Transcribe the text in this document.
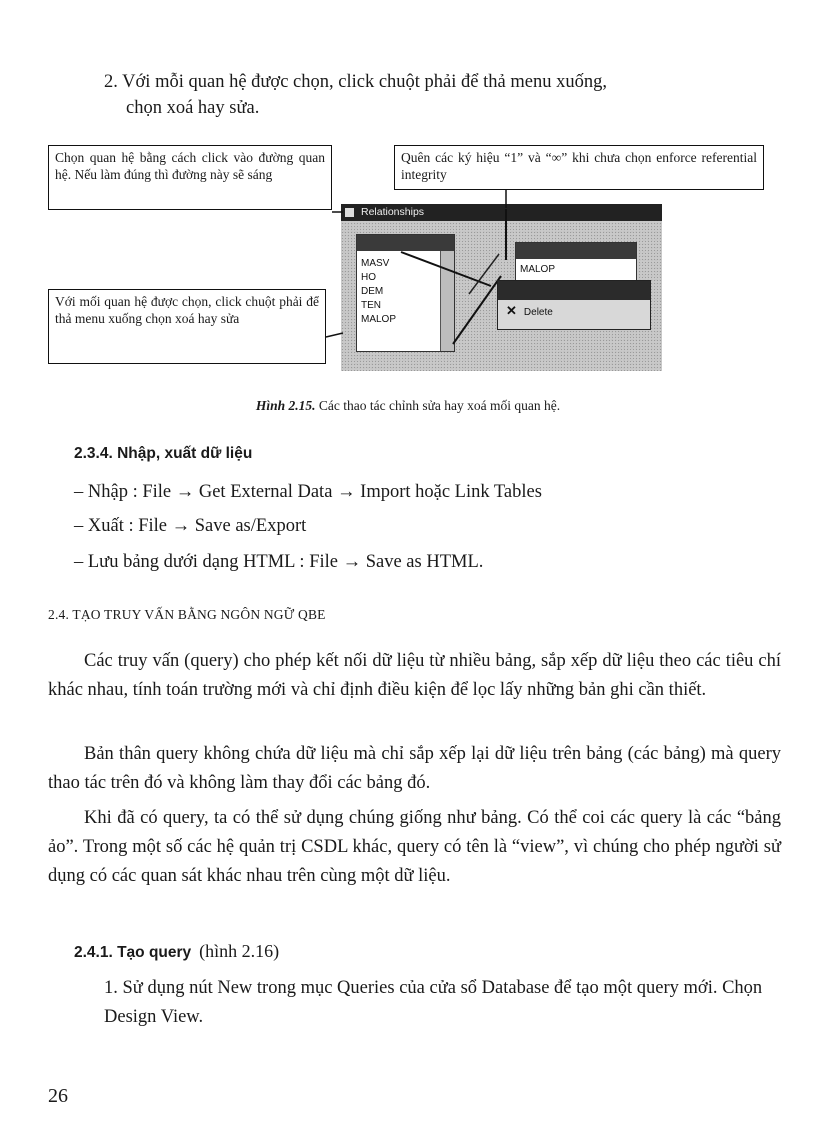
2. Với mỗi quan hệ được chọn, click chuột phải để thả menu xuống,
chọn xoá hay sửa.
Chọn quan hệ bằng cách click vào đường quan hệ. Nếu làm đúng thì đường này sẽ sáng
Quên các ký hiệu “1” và “∞” khi chưa chọn enforce referential integrity
Với mối quan hệ được chọn, click chuột phải để thả menu xuống chọn xoá hay sửa
Relationships
MASV
HO
DEM
TEN
MALOP
MALOP
✕ Delete
Hình 2.15. Các thao tác chỉnh sửa hay xoá mối quan hệ.
2.3.4. Nhập, xuất dữ liệu
– Nhập : File → Get External Data → Import hoặc Link Tables
– Xuất : File → Save as/Export
– Lưu bảng dưới dạng HTML : File → Save as HTML.
2.4. TẠO TRUY VẤN BẰNG NGÔN NGỮ QBE
Các truy vấn (query) cho phép kết nối dữ liệu từ nhiều bảng, sắp xếp dữ liệu theo các tiêu chí khác nhau, tính toán trường mới và chỉ định điều kiện để lọc lấy những bản ghi cần thiết.
Bản thân query không chứa dữ liệu mà chỉ sắp xếp lại dữ liệu trên bảng (các bảng) mà query thao tác trên đó và không làm thay đổi các bảng đó.
Khi đã có query, ta có thể sử dụng chúng giống như bảng. Có thể coi các query là các “bảng ảo”. Trong một số các hệ quản trị CSDL khác, query có tên là “view”, vì chúng cho phép người sử dụng có các quan sát khác nhau trên cùng một dữ liệu.
2.4.1. Tạo query (hình 2.16)
1. Sử dụng nút New trong mục Queries của cửa sổ Database để tạo một query mới. Chọn Design View.
26
